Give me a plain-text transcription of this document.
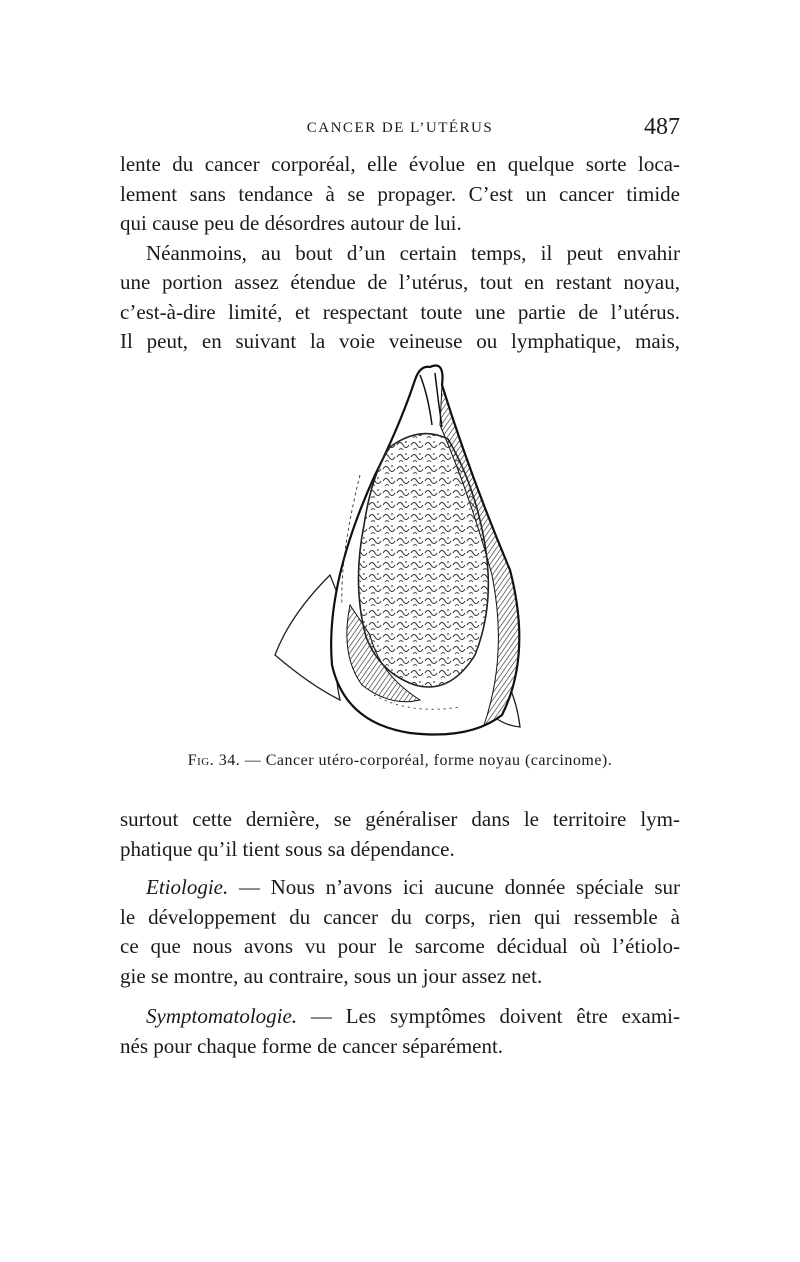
CANCER DE L’UTÉRUS	487

lente du cancer corporéal, elle évolue en quelque sorte loca-
lement sans tendance à se propager. C’est un cancer timide
qui cause peu de désordres autour de lui.

Néanmoins, au bout d’un certain temps, il peut envahir
une portion assez étendue de l’utérus, tout en restant noyau,
c’est-à-dire limité, et respectant toute une partie de l’utérus.
Il peut, en suivant la voie veineuse ou lymphatique, mais,

Fig. 34. — Cancer utéro-corporéal, forme noyau (carcinome).

surtout cette dernière, se généraliser dans le territoire lym-
phatique qu’il tient sous sa dépendance.

Etiologie. — Nous n’avons ici aucune donnée spéciale sur
le développement du cancer du corps, rien qui ressemble à
ce que nous avons vu pour le sarcome décidual où l’étiolo-
gie se montre, au contraire, sous un jour assez net.

Symptomatologie. — Les symptômes doivent être exami-
nés pour chaque forme de cancer séparément.
